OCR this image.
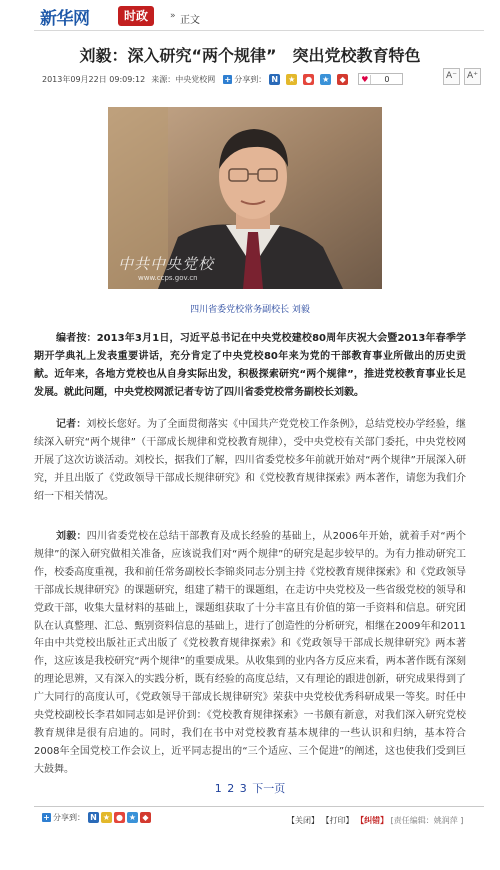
新华网	时政	» 正文
刘毅：深入研究“两个规律”　突出党校教育特色
2013年09月22日 09:09:12 来源：中央党校网 + 分享到： N ★ ● ★	◆	♥	0	A⁻	A⁺
中共中央党校
www.ccps.gov.cn
四川省委党校常务副校长 刘毅
编者按：2013年3月1日，习近平总书记在中央党校建校80周年庆祝大会暨2013年春季学期开学典礼上发表重要讲话，充分肯定了中央党校80年来为党的干部教育事业所做出的历史贡献。近年来，各地方党校也从自身实际出发，积极探索研究“两个规律”，推进党校教育事业长足发展。就此问题，中央党校网派记者专访了四川省委党校常务副校长刘毅。
记者：刘校长您好。为了全面贯彻落实《中国共产党党校工作条例》，总结党校办学经验，继续深入研究“两个规律”（干部成长规律和党校教育规律），受中央党校有关部门委托，中央党校网开展了这次访谈活动。刘校长，据我们了解，四川省委党校多年前就开始对“两个规律”开展深入研究，并且出版了《党政领导干部成长规律研究》和《党校教育规律探索》两本著作，请您为我们介绍一下相关情况。
刘毅：四川省委党校在总结干部教育及成长经验的基础上，从2006年开始，就着手对“两个规律”的深入研究做相关准备，应该说我们对“两个规律”的研究是起步较早的。为有力推动研究工作，校委高度重视，我和前任常务副校长李锦炎同志分别主持《党校教育规律探索》和《党政领导干部成长规律研究》的课题研究，组建了精干的课题组，在走访中央党校及一些省级党校的领导和党政干部，收集大量材料的基础上，课题组获取了十分丰富且有价值的第一手资料和信息。研究团队在认真整理、汇总、甄别资料信息的基础上，进行了创造性的分析研究，相继在2009年和2011年由中共党校出版社正式出版了《党校教育规律探索》和《党政领导干部成长规律研究》两本著作，这应该是我校研究“两个规律”的重要成果。从收集到的业内各方反应来看，两本著作既有深刻的理论思辨，又有深入的实践分析，既有经验的高度总结，又有理论的跟进创新，研究成果得到了广大同行的高度认可，《党政领导干部成长规律研究》荣获中央党校优秀科研成果一等奖。时任中央党校副校长李君如同志如是评价到：《党校教育规律探索》一书颇有新意，对我们深入研究党校教育规律是很有启迪的。同时，我们在书中对党校教育基本规律的一些认识和归纳，基本符合2008年全国党校工作会议上，近平同志提出的“三个适应、三个促进”的阐述，这也使我们受到巨大鼓舞。
1 2 3 下一页
+ 分享到： N ★ ● ★ ◆	【关闭】 【打印】 【纠错】 [责任编辑：姚润萍 ]
